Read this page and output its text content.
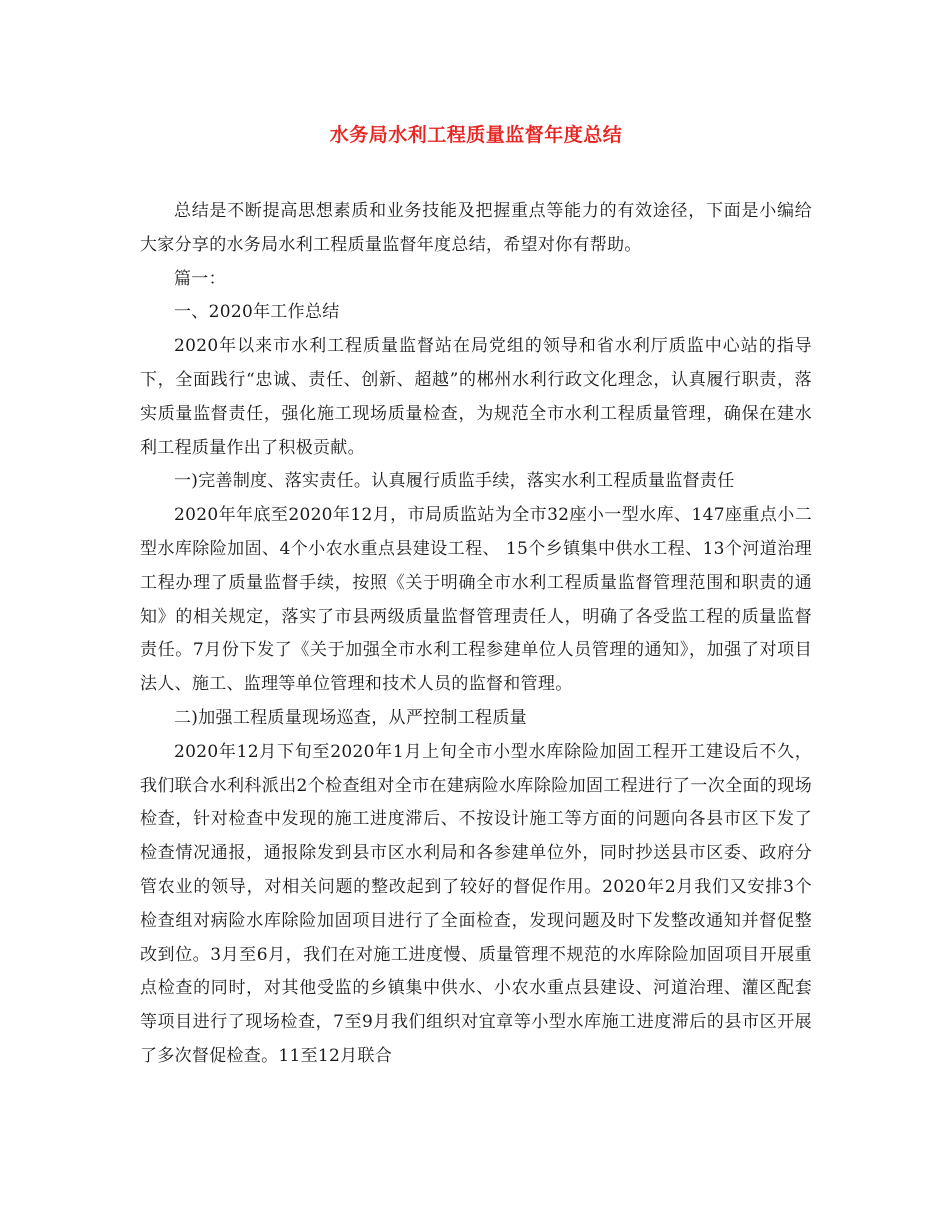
水务局水利工程质量监督年度总结

总结是不断提高思想素质和业务技能及把握重点等能力的有效途径，下面是小编给大家分享的水务局水利工程质量监督年度总结，希望对你有帮助。

篇一：

一、2020年工作总结

2020年以来市水利工程质量监督站在局党组的领导和省水利厅质监中心站的指导下，全面践行“忠诚、责任、创新、超越”的郴州水利行政文化理念，认真履行职责，落实质量监督责任，强化施工现场质量检查，为规范全市水利工程质量管理，确保在建水利工程质量作出了积极贡献。

一)完善制度、落实责任。认真履行质监手续，落实水利工程质量监督责任

2020年年底至2020年12月，市局质监站为全市32座小一型水库、147座重点小二型水库除险加固、4个小农水重点县建设工程、 15个乡镇集中供水工程、13个河道治理工程办理了质量监督手续，按照《关于明确全市水利工程质量监督管理范围和职责的通知》的相关规定，落实了市县两级质量监督管理责任人，明确了各受监工程的质量监督责任。7月份下发了《关于加强全市水利工程参建单位人员管理的通知》，加强了对项目法人、施工、监理等单位管理和技术人员的监督和管理。

二)加强工程质量现场巡查，从严控制工程质量

2020年12月下旬至2020年1月上旬全市小型水库除险加固工程开工建设后不久，我们联合水利科派出2个检查组对全市在建病险水库除险加固工程进行了一次全面的现场检查，针对检查中发现的施工进度滞后、不按设计施工等方面的问题向各县市区下发了检查情况通报，通报除发到县市区水利局和各参建单位外，同时抄送县市区委、政府分管农业的领导，对相关问题的整改起到了较好的督促作用。2020年2月我们又安排3个检查组对病险水库除险加固项目进行了全面检查，发现问题及时下发整改通知并督促整改到位。3月至6月，我们在对施工进度慢、质量管理不规范的水库除险加固项目开展重点检查的同时，对其他受监的乡镇集中供水、小农水重点县建设、河道治理、灌区配套等项目进行了现场检查，7至9月我们组织对宜章等小型水库施工进度滞后的县市区开展了多次督促检查。11至12月联合
